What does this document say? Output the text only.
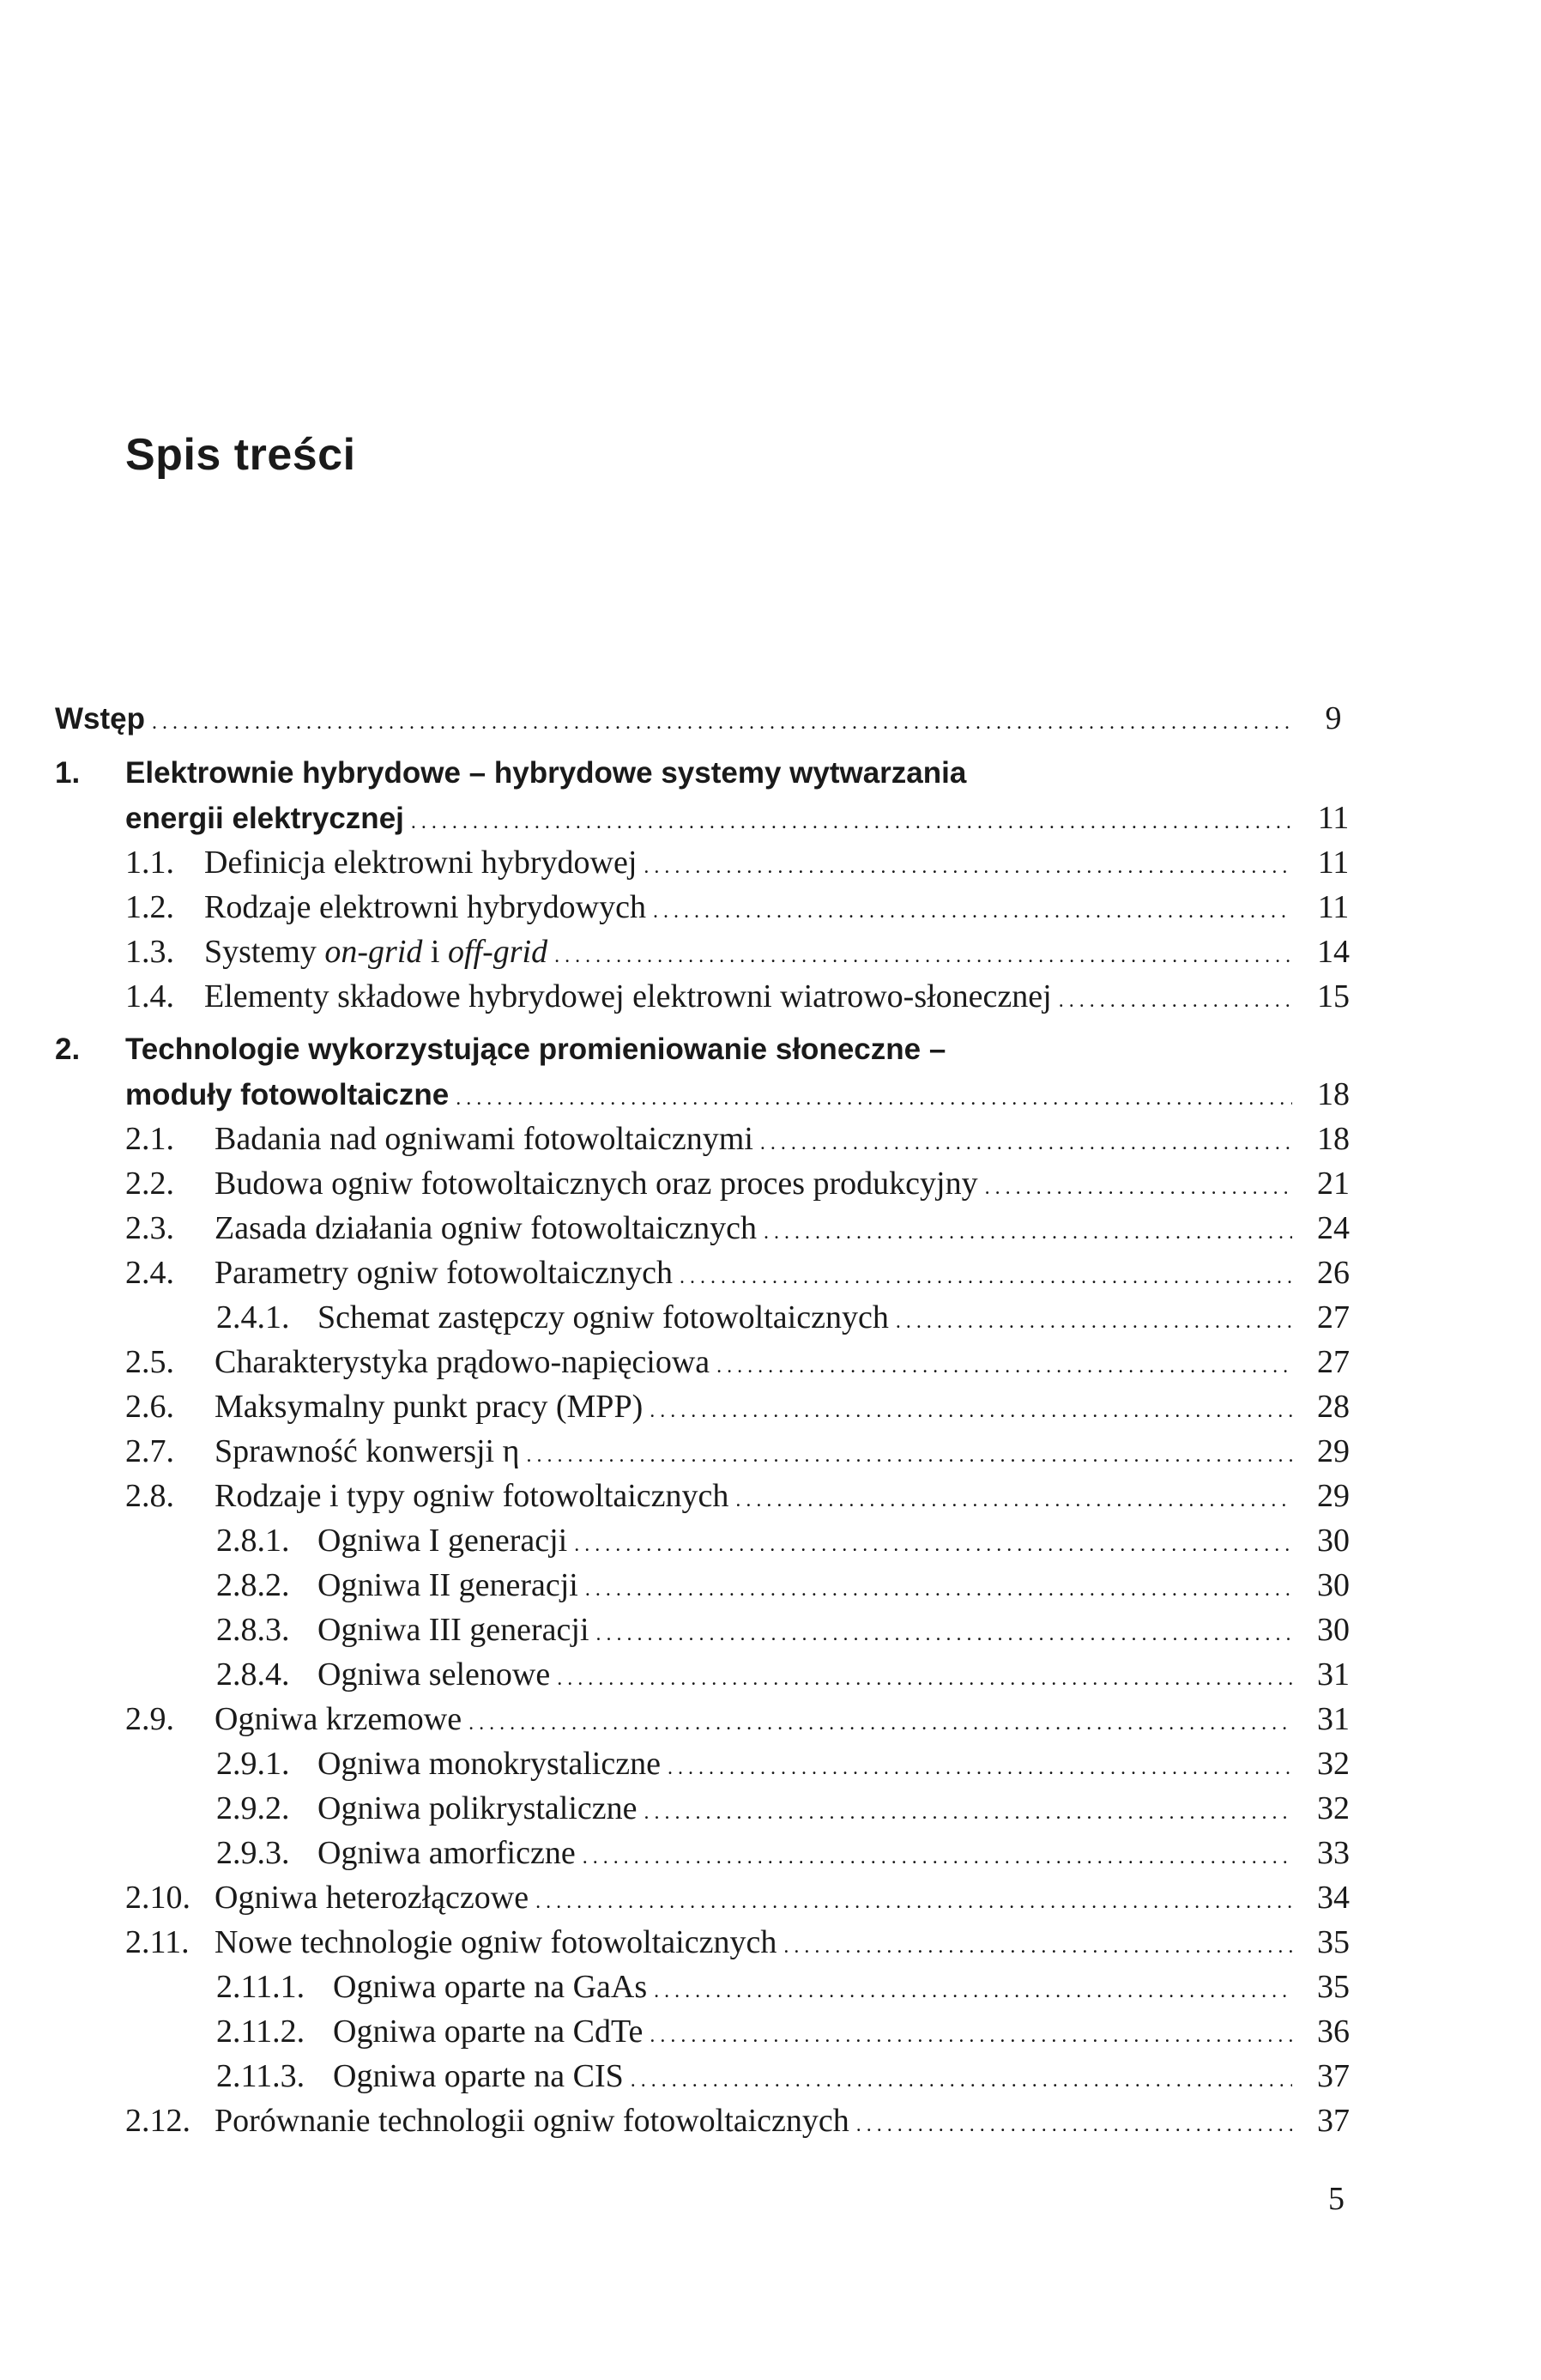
Spis treści
Wstęp . . .	9
1. Elektrownie hybrydowe – hybrydowe systemy wytwarzania
energii elektrycznej . . .	11
1.1. Definicja elektrowni hybrydowej . . .	11
1.2. Rodzaje elektrowni hybrydowych . . .	11
1.3. Systemy on-grid i off-grid . . .	14
1.4. Elementy składowe hybrydowej elektrowni wiatrowo-słonecznej . . .	15
2. Technologie wykorzystujące promieniowanie słoneczne –
moduły fotowoltaiczne . . .	18
2.1.	Badania nad ogniwami fotowoltaicznymi . . .	18
2.2.	Budowa ogniw fotowoltaicznych oraz proces produkcyjny . . .	21
2.3.	Zasada działania ogniw fotowoltaicznych . . .	24
2.4.	Parametry ogniw fotowoltaicznych . . .	26
2.4.1. Schemat zastępczy ogniw fotowoltaicznych . . .	27
2.5.	Charakterystyka prądowo-napięciowa . . .	27
2.6.	Maksymalny punkt pracy (MPP) . . .	28
2.7.	Sprawność konwersji η . . .	29
2.8.	Rodzaje i typy ogniw fotowoltaicznych . . .	29
2.8.1. Ogniwa I generacji . . .	30
2.8.2. Ogniwa II generacji . . .	30
2.8.3. Ogniwa III generacji . . .	30
2.8.4. Ogniwa selenowe . . .	31
2.9.	Ogniwa krzemowe . . .	31
2.9.1. Ogniwa monokrystaliczne . . .	32
2.9.2. Ogniwa polikrystaliczne . . .	32
2.9.3. Ogniwa amorficzne . . .	33
2.10. Ogniwa heterozłączowe . . .	34
2.11. Nowe technologie ogniw fotowoltaicznych . . .	35
2.11.1. Ogniwa oparte na GaAs . . .	35
2.11.2. Ogniwa oparte na CdTe . . .	36
2.11.3. Ogniwa oparte na CIS . . .	37
2.12. Porównanie technologii ogniw fotowoltaicznych . . .	37
5
